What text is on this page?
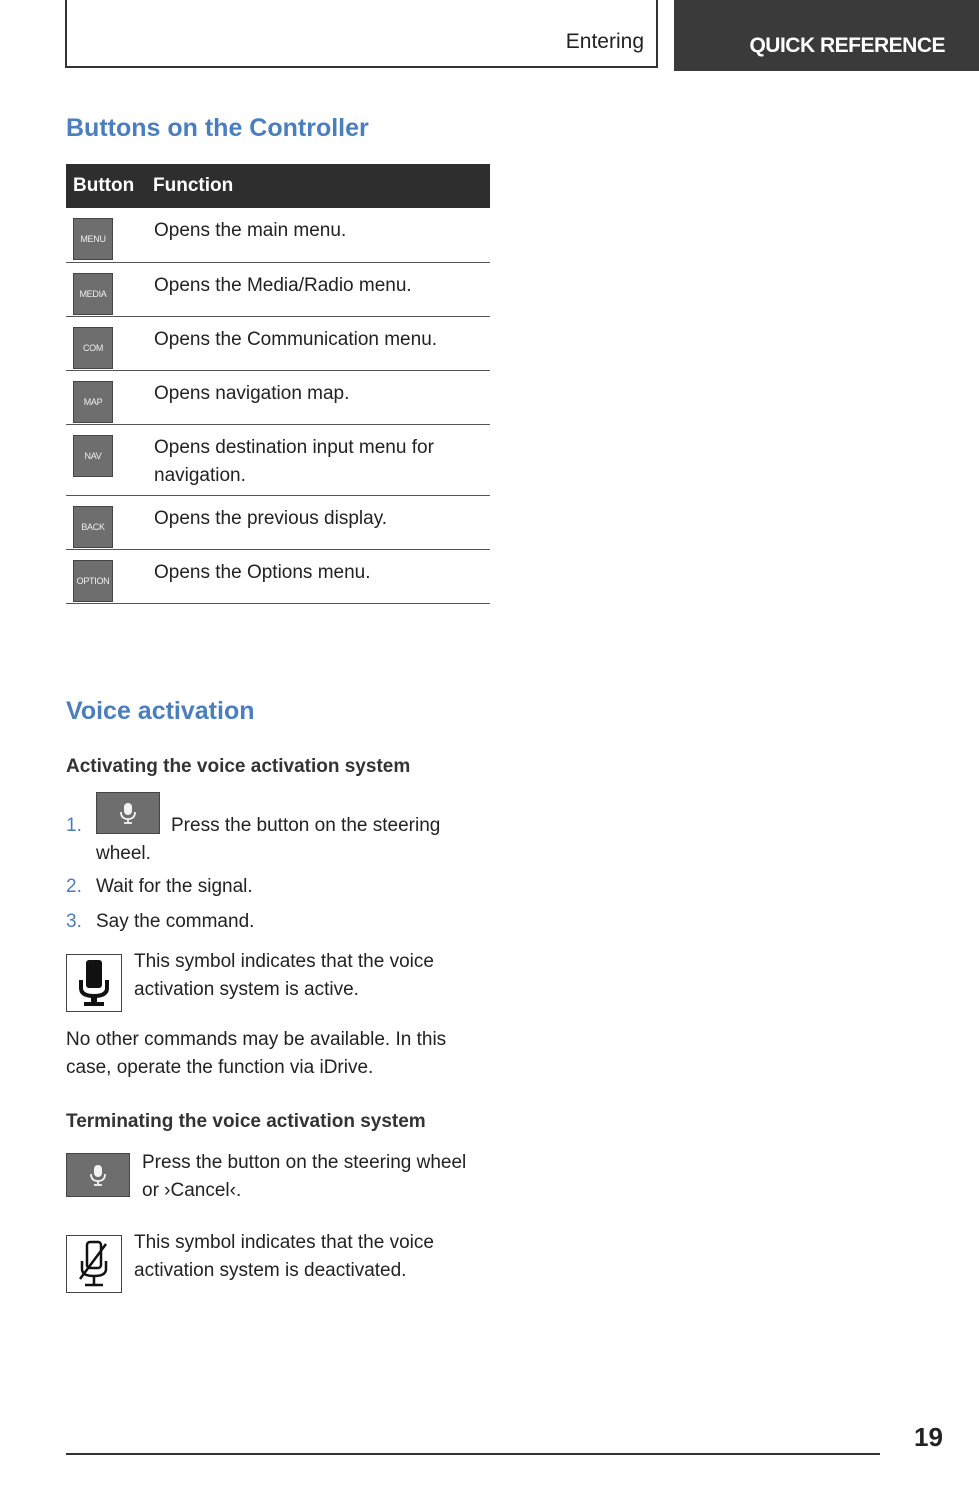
Entering	QUICK REFERENCE
Buttons on the Controller
Button	Function

MENU	Opens the main menu.

MEDIA	Opens the Media/Radio menu.

COM	Opens the Communication menu.

MAP	Opens navigation map.

NAV	Opens destination input menu for navigation.

BACK	Opens the previous display.

OPTION	Opens the Options menu.
Voice activation
Activating the voice activation system
1.	Press the button on the steering wheel.
2. Wait for the signal.
3. Say the command.
This symbol indicates that the voice activation system is active.
No other commands may be available. In this case, operate the function via iDrive.
Terminating the voice activation system
Press the button on the steering wheel or ›Cancel‹.
This symbol indicates that the voice activation system is deactivated.
19
